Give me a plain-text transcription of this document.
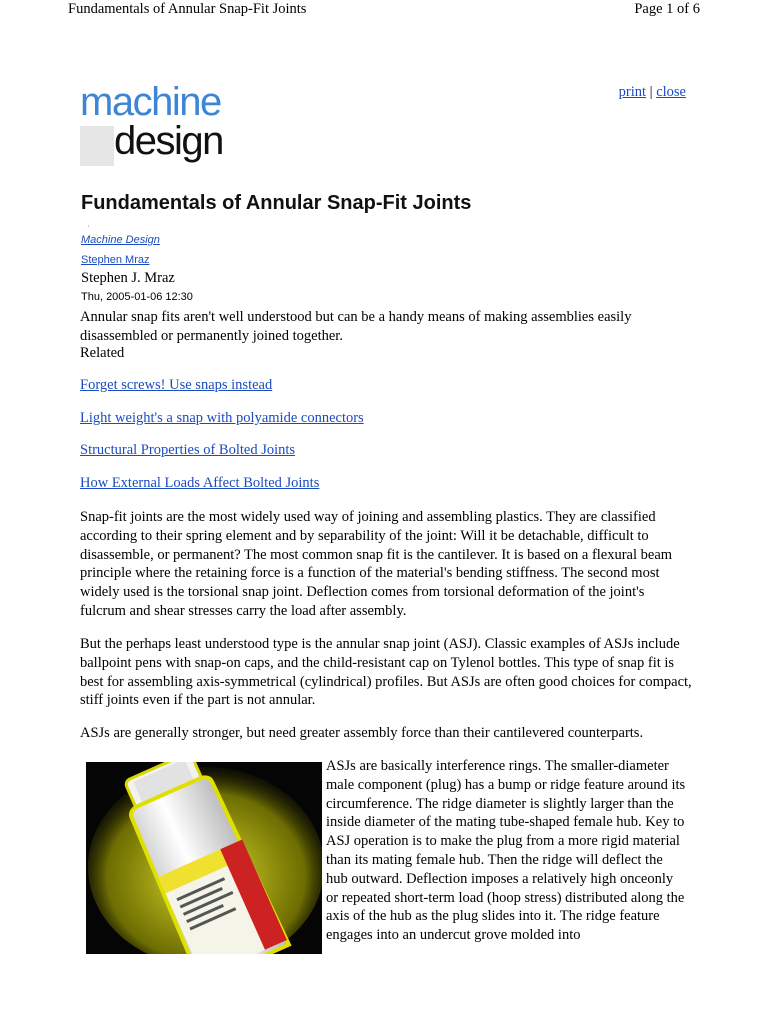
Fundamentals of Annular Snap-Fit Joints	Page 1 of 6
machine
design
print | close
Fundamentals of Annular Snap-Fit Joints
·
Machine Design
Stephen Mraz
Stephen J. Mraz
Thu, 2005-01-06 12:30
Annular snap fits aren't well understood but can be a handy means of making assemblies easily disassembled or permanently joined together.
Related
Forget screws! Use snaps instead
Light weight's a snap with polyamide connectors
Structural Properties of Bolted Joints
How External Loads Affect Bolted Joints
Snap-fit joints are the most widely used way of joining and assembling plastics. They are classified according to their spring element and by separability of the joint: Will it be detachable, difficult to disassemble, or permanent? The most common snap fit is the cantilever. It is based on a flexural beam principle where the retaining force is a function of the material's bending stiffness. The second most widely used is the torsional snap joint. Deflection comes from torsional deformation of the joint's fulcrum and shear stresses carry the load after assembly.
But the perhaps least understood type is the annular snap joint (ASJ). Classic examples of ASJs include ballpoint pens with snap-on caps, and the child-resistant cap on Tylenol bottles. This type of snap fit is best for assembling axis-symmetrical (cylindrical) profiles. But ASJs are often good choices for compact, stiff joints even if the part is not annular.
ASJs are generally stronger, but need greater assembly force than their cantilevered counterparts.
ASJs are basically interference rings. The smaller-diameter male component (plug) has a bump or ridge feature around its circumference. The ridge diameter is slightly larger than the inside diameter of the mating tube-shaped female hub. Key to ASJ operation is to make the plug from a more rigid material than its mating female hub. Then the ridge will deflect the hub outward. Deflection imposes a relatively high onceonly or repeated short-term load (hoop stress) distributed along the axis of the hub as the plug slides into it. The ridge feature engages into an undercut grove molded into
